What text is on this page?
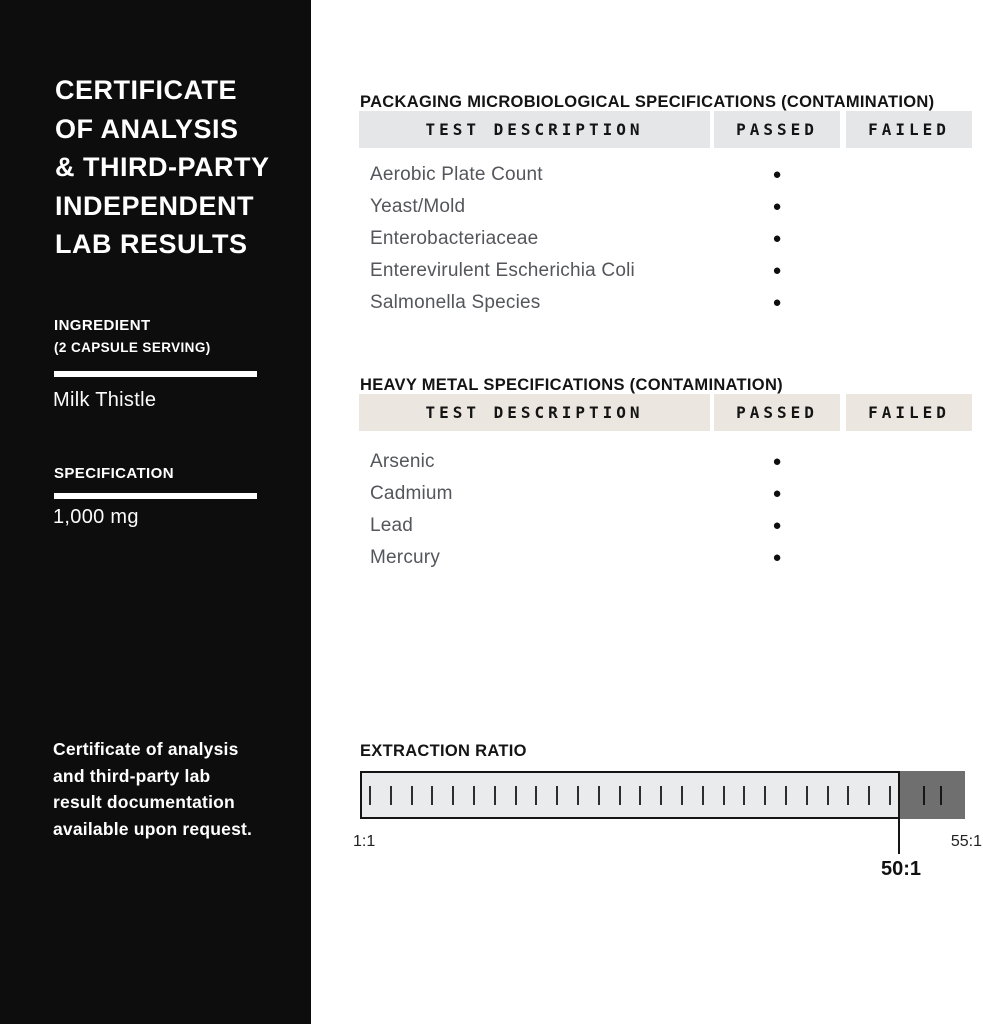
CERTIFICATE
OF ANALYSIS
& THIRD-PARTY
INDEPENDENT
LAB RESULTS
INGREDIENT
(2 CAPSULE SERVING)
Milk Thistle
SPECIFICATION
1,000 mg
Certificate of analysis
and third-party lab
result documentation
available upon request.
PACKAGING MICROBIOLOGICAL SPECIFICATIONS (CONTAMINATION)
TEST DESCRIPTION	PASSED	FAILED
Aerobic Plate Count	●
Yeast/Mold	●
Enterobacteriaceae	●
Enterevirulent Escherichia Coli	●
Salmonella Species	●
HEAVY METAL SPECIFICATIONS (CONTAMINATION)
TEST DESCRIPTION	PASSED	FAILED
Arsenic	●
Cadmium	●
Lead	●
Mercury	●
EXTRACTION RATIO
1:1	55:1
50:1
